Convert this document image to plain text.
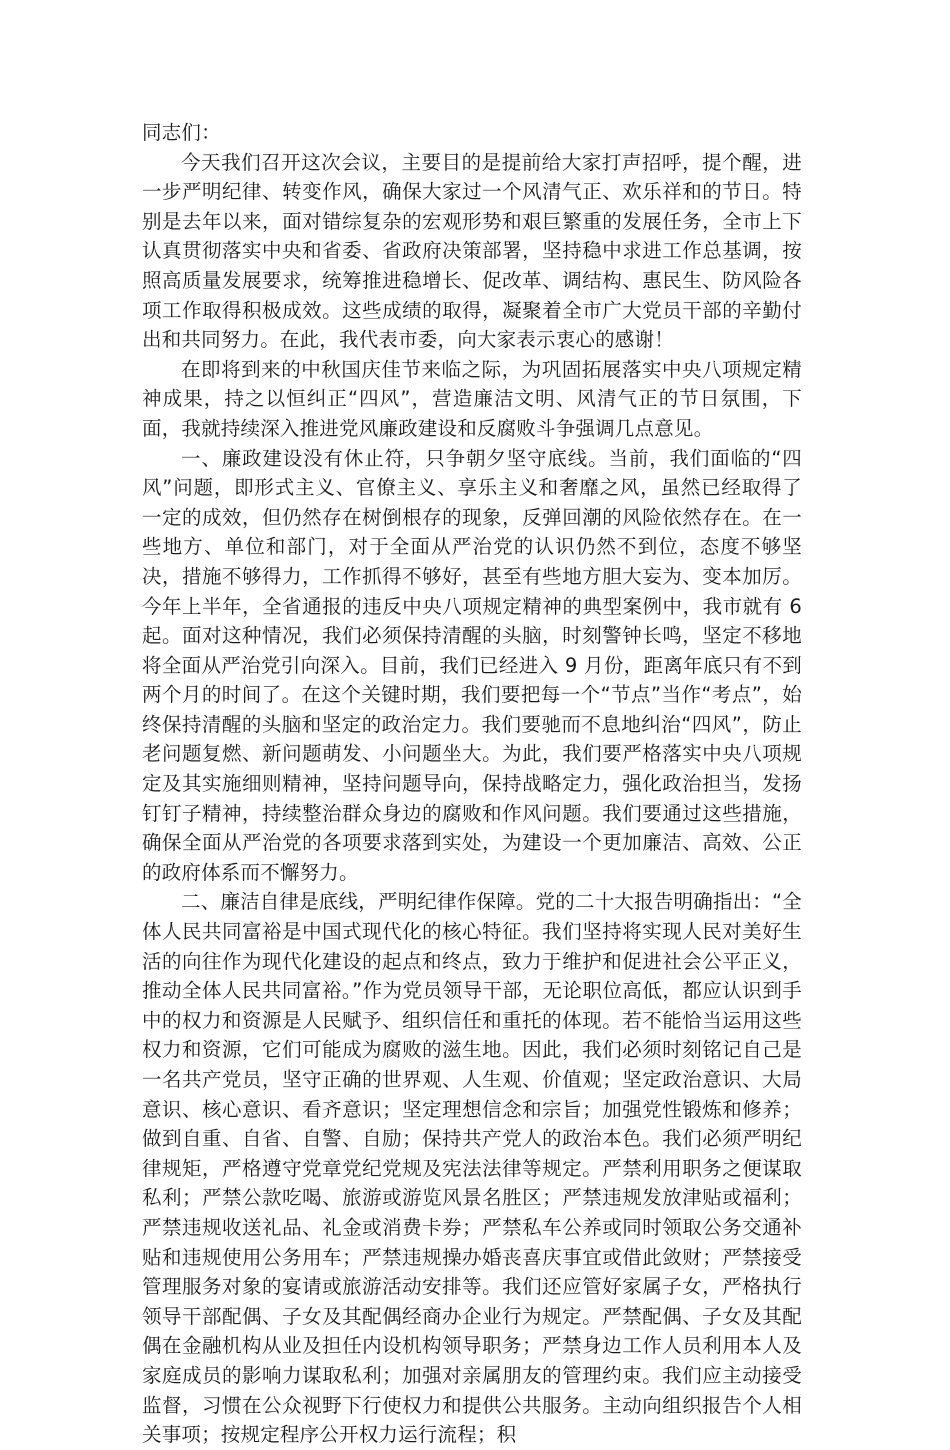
同志们：

今天我们召开这次会议，主要目的是提前给大家打声招呼，提个醒，进一步严明纪律、转变作风，确保大家过一个风清气正、欢乐祥和的节日。特别是去年以来，面对错综复杂的宏观形势和艰巨繁重的发展任务，全市上下认真贯彻落实中央和省委、省政府决策部署，坚持稳中求进工作总基调，按照高质量发展要求，统筹推进稳增长、促改革、调结构、惠民生、防风险各项工作取得积极成效。这些成绩的取得，凝聚着全市广大党员干部的辛勤付出和共同努力。在此，我代表市委，向大家表示衷心的感谢！

在即将到来的中秋国庆佳节来临之际，为巩固拓展落实中央八项规定精神成果，持之以恒纠正“四风”，营造廉洁文明、风清气正的节日氛围，下面，我就持续深入推进党风廉政建设和反腐败斗争强调几点意见。

一、廉政建设没有休止符，只争朝夕坚守底线。当前，我们面临的“四风”问题，即形式主义、官僚主义、享乐主义和奢靡之风，虽然已经取得了一定的成效，但仍然存在树倒根存的现象，反弹回潮的风险依然存在。在一些地方、单位和部门，对于全面从严治党的认识仍然不到位，态度不够坚决，措施不够得力，工作抓得不够好，甚至有些地方胆大妄为、变本加厉。今年上半年，全省通报的违反中央八项规定精神的典型案例中，我市就有 6 起。面对这种情况，我们必须保持清醒的头脑，时刻警钟长鸣，坚定不移地将全面从严治党引向深入。目前，我们已经进入 9 月份，距离年底只有不到两个月的时间了。在这个关键时期，我们要把每一个“节点”当作“考点”，始终保持清醒的头脑和坚定的政治定力。我们要驰而不息地纠治“四风”，防止老问题复燃、新问题萌发、小问题坐大。为此，我们要严格落实中央八项规定及其实施细则精神，坚持问题导向，保持战略定力，强化政治担当，发扬钉钉子精神，持续整治群众身边的腐败和作风问题。我们要通过这些措施，确保全面从严治党的各项要求落到实处，为建设一个更加廉洁、高效、公正的政府体系而不懈努力。

二、廉洁自律是底线，严明纪律作保障。党的二十大报告明确指出：“全体人民共同富裕是中国式现代化的核心特征。我们坚持将实现人民对美好生活的向往作为现代化建设的起点和终点，致力于维护和促进社会公平正义，推动全体人民共同富裕。”作为党员领导干部，无论职位高低，都应认识到手中的权力和资源是人民赋予、组织信任和重托的体现。若不能恰当运用这些权力和资源，它们可能成为腐败的滋生地。因此，我们必须时刻铭记自己是一名共产党员，坚守正确的世界观、人生观、价值观；坚定政治意识、大局意识、核心意识、看齐意识；坚定理想信念和宗旨；加强党性锻炼和修养；做到自重、自省、自警、自励；保持共产党人的政治本色。我们必须严明纪律规矩，严格遵守党章党纪党规及宪法法律等规定。严禁利用职务之便谋取私利；严禁公款吃喝、旅游或游览风景名胜区；严禁违规发放津贴或福利；严禁违规收送礼品、礼金或消费卡券；严禁私车公养或同时领取公务交通补贴和违规使用公务用车；严禁违规操办婚丧喜庆事宜或借此敛财；严禁接受管理服务对象的宴请或旅游活动安排等。我们还应管好家属子女，严格执行领导干部配偶、子女及其配偶经商办企业行为规定。严禁配偶、子女及其配偶在金融机构从业及担任内设机构领导职务；严禁身边工作人员利用本人及家庭成员的影响力谋取私利；加强对亲属朋友的管理约束。我们应主动接受监督，习惯在公众视野下行使权力和提供公共服务。主动向组织报告个人相关事项；按规定程序公开权力运行流程；积
